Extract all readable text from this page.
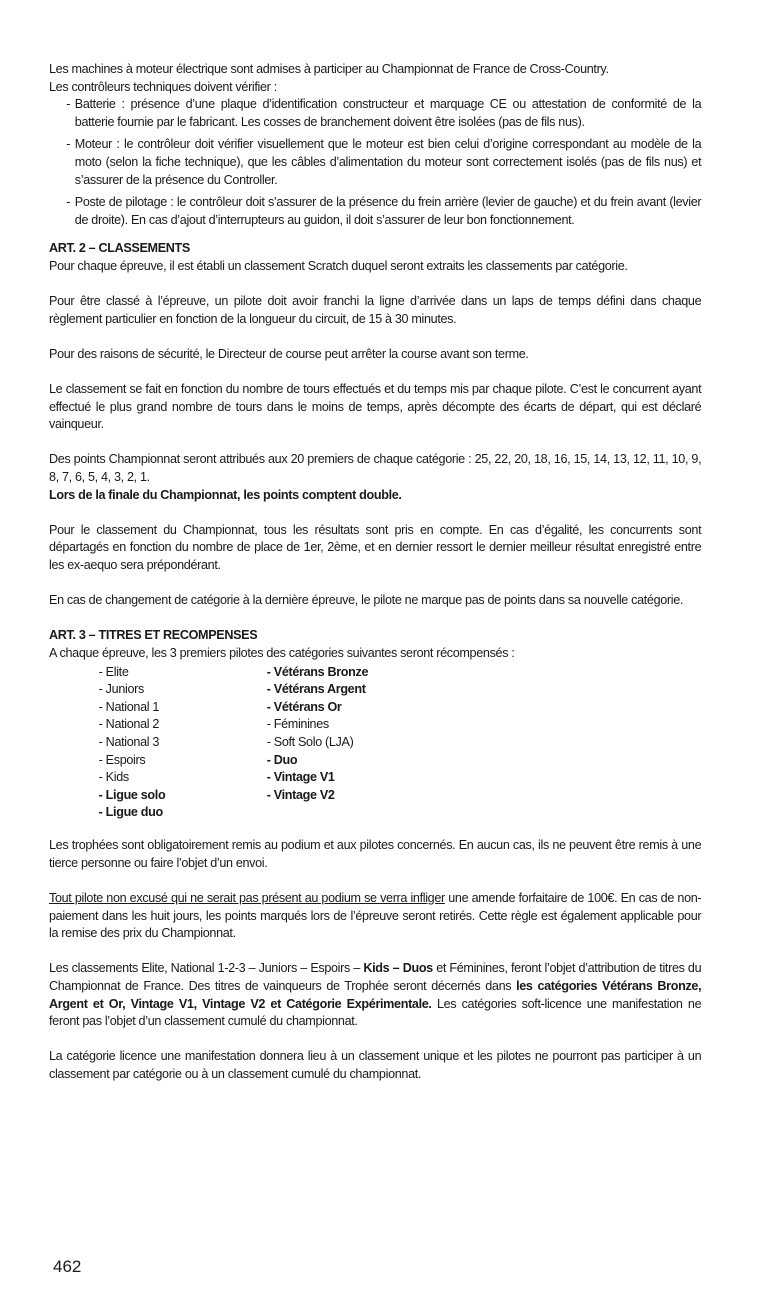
Les machines à moteur électrique sont admises à participer au Championnat de France de Cross-Country.

Les contrôleurs techniques doivent vérifier :

- Batterie : présence d’une plaque d’identification constructeur et marquage CE ou attestation de conformité de la batterie fournie par le fabricant. Les cosses de branchement doivent être isolées (pas de fils nus).
- Moteur : le contrôleur doit vérifier visuellement que le moteur est bien celui d’origine correspondant au modèle de la moto (selon la fiche technique), que les câbles d’alimentation du moteur sont correctement isolés (pas de fils nus) et s’assurer de la présence du Controller.
- Poste de pilotage : le contrôleur doit s’assurer de la présence du frein arrière (levier de gauche) et du frein avant (levier de droite). En cas d’ajout d’interrupteurs au guidon, il doit s’assurer de leur bon fonctionnement.
ART. 2 – CLASSEMENTS

Pour chaque épreuve, il est établi un classement Scratch duquel seront extraits les classements par catégorie.

Pour être classé à l’épreuve, un pilote doit avoir franchi la ligne d’arrivée dans un laps de temps défini dans chaque règlement particulier en fonction de la longueur du circuit, de 15 à 30 minutes.

Pour des raisons de sécurité, le Directeur de course peut arrêter la course avant son terme.

Le classement se fait en fonction du nombre de tours effectués et du temps mis par chaque pilote. C’est le concurrent ayant effectué le plus grand nombre de tours dans le moins de temps, après décompte des écarts de départ, qui est déclaré vainqueur.

Des points Championnat seront attribués aux 20 premiers de chaque catégorie : 25, 22, 20, 18, 16, 15, 14, 13, 12, 11, 10, 9, 8, 7, 6, 5, 4, 3, 2, 1.

Lors de la finale du Championnat, les points comptent double.

Pour le classement du Championnat, tous les résultats sont pris en compte. En cas d’égalité, les concurrents sont départagés en fonction du nombre de place de 1er, 2ème, et en dernier ressort le dernier meilleur résultat enregistré entre les ex-aequo sera prépondérant.

En cas de changement de catégorie à la dernière épreuve, le pilote ne marque pas de points dans sa nouvelle catégorie.

ART. 3 – TITRES ET RECOMPENSES

A chaque épreuve, les 3 premiers pilotes des catégories suivantes seront récompensés :

- Elite
- Juniors
- National 1
- National 2
- National 3
- Espoirs
- Kids
- Ligue solo
- Ligue duo
- Vétérans Bronze
- Vétérans Argent
- Vétérans Or
- Féminines
- Soft Solo (LJA)
- Duo
- Vintage V1
- Vintage V2

Les trophées sont obligatoirement remis au podium et aux pilotes concernés. En aucun cas, ils ne peuvent être remis à une tierce personne ou faire l’objet d’un envoi.

Tout pilote non excusé qui ne serait pas présent au podium se verra infliger une amende forfaitaire de 100€. En cas de non-paiement dans les huit jours, les points marqués lors de l’épreuve seront retirés. Cette règle est également applicable pour la remise des prix du Championnat.

Les classements Elite, National 1-2-3 – Juniors – Espoirs – Kids – Duos et Féminines, feront l’objet d’attribution de titres du Championnat de France. Des titres de vainqueurs de Trophée seront décernés dans les catégories Vétérans Bronze, Argent et Or, Vintage V1, Vintage V2 et Catégorie Expérimentale. Les catégories soft-licence une manifestation ne feront pas l’objet d’un classement cumulé du championnat.

La catégorie licence une manifestation donnera lieu à un classement unique et les pilotes ne pourront pas participer à un classement par catégorie ou à un classement cumulé du championnat.

462
